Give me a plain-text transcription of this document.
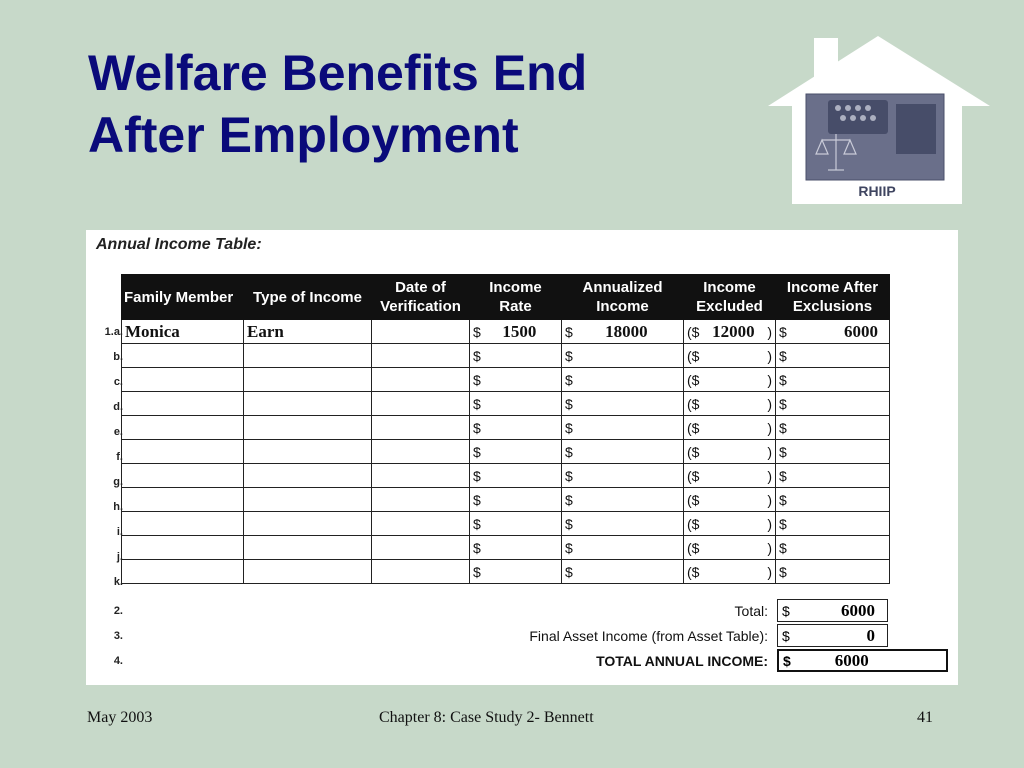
Welfare Benefits End
After Employment
RHIIP
Annual Income Table:
1.a.
b.
c.
d.
e.
f.
g.
h.
i.
j.
k.
Family Member	Type of Income	Date of Verification	Income Rate	Annualized Income	Income Excluded	Income After Exclusions
Monica	Earn		$ 1500	$ 18000	($ 12000 )	$ 6000

			$	$	($ )	$

			$	$	($ )	$

			$	$	($ )	$

			$	$	($ )	$

			$	$	($ )	$

			$	$	($ )	$

			$	$	($ )	$

			$	$	($ )	$

			$	$	($ )	$

			$	$	($ )	$
2.	Total: $	6000
3.	Final Asset Income (from Asset Table): $	0
4.	TOTAL ANNUAL INCOME: $	6000
May 2003	Chapter 8: Case Study 2- Bennett	41
